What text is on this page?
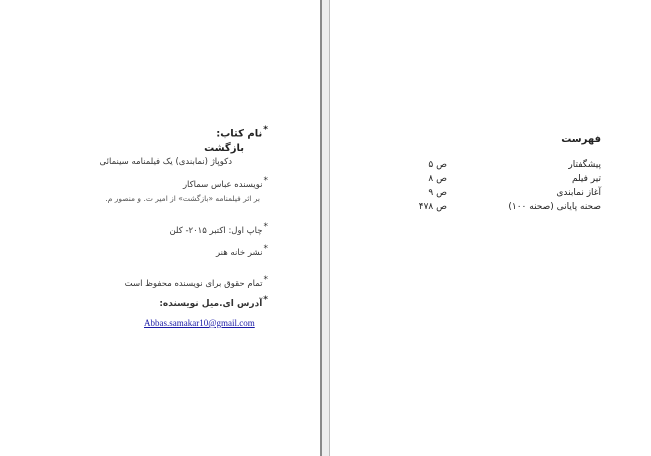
*نام کتاب:
بازگشت
دکوپاژ (نمابندی) یک فیلمنامه سینمائی
*نویسنده عباس سماکار
بر اثر فیلمنامه «بازگشت» از امیر ت. و منصور م.
*چاپ اول: اکتبر ۲۰۱۵- کلن
*نشر خانه هنر
*تمام حقوق برای نویسنده محفوظ است
*آدرس ای.میل نویسنده:
Abbas.samakar10@gmail.com
فهرست
پیشگفتار
ص ۵
تیر فیلم
ص ۸
آغاز نمابندی
ص ۹
صحنه پایانی (صحنه ۱۰۰)
ص ۴۷۸
